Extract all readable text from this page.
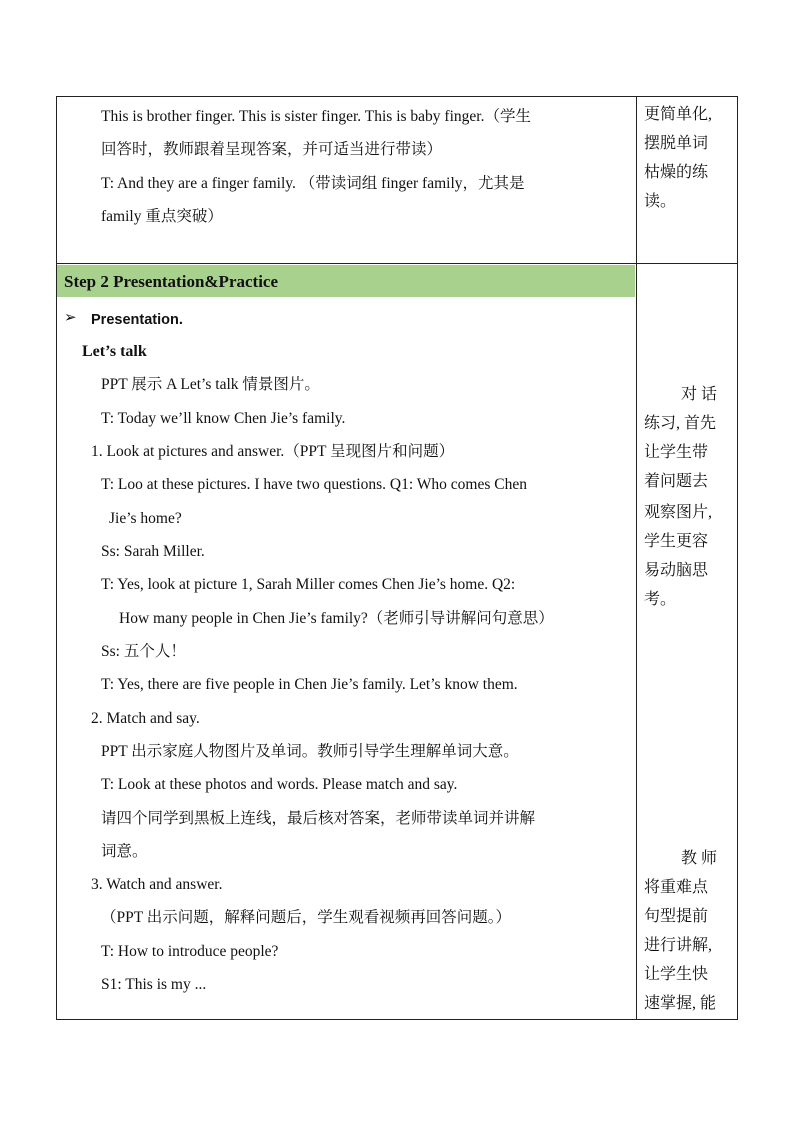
This is brother finger. This is sister finger. This is baby finger.（学生
回答时，教师跟着呈现答案，并可适当进行带读）
T: And they are a finger family. （带读词组 finger family，尤其是
family 重点突破）
更简单化,
摆脱单词
枯燥的练
读。
Step 2 Presentation&Practice
➢ Presentation.
Let’s talk
PPT 展示 A Let’s talk 情景图片。
T: Today we’ll know Chen Jie’s family.
1. Look at pictures and answer.（PPT 呈现图片和问题）
T: Loo at these pictures. I have two questions. Q1: Who comes Chen
Jie’s home?
Ss: Sarah Miller.
T: Yes, look at picture 1, Sarah Miller comes Chen Jie’s home. Q2:
How many people in Chen Jie’s family?（老师引导讲解问句意思）
Ss: 五个人！
T: Yes, there are five people in Chen Jie’s family. Let’s know them.
2. Match and say.
PPT 出示家庭人物图片及单词。教师引导学生理解单词大意。
T: Look at these photos and words. Please match and say.
请四个同学到黑板上连线，最后核对答案，老师带读单词并讲解
词意。
3. Watch and answer.
（PPT 出示问题，解释问题后，学生观看视频再回答问题。）
T: How to introduce people?
S1: This is my ...
对 话
练习, 首先
让学生带
着问题去
观察图片,
学生更容
易动脑思
考。
教 师
将重难点
句型提前
进行讲解,
让学生快
速掌握, 能
